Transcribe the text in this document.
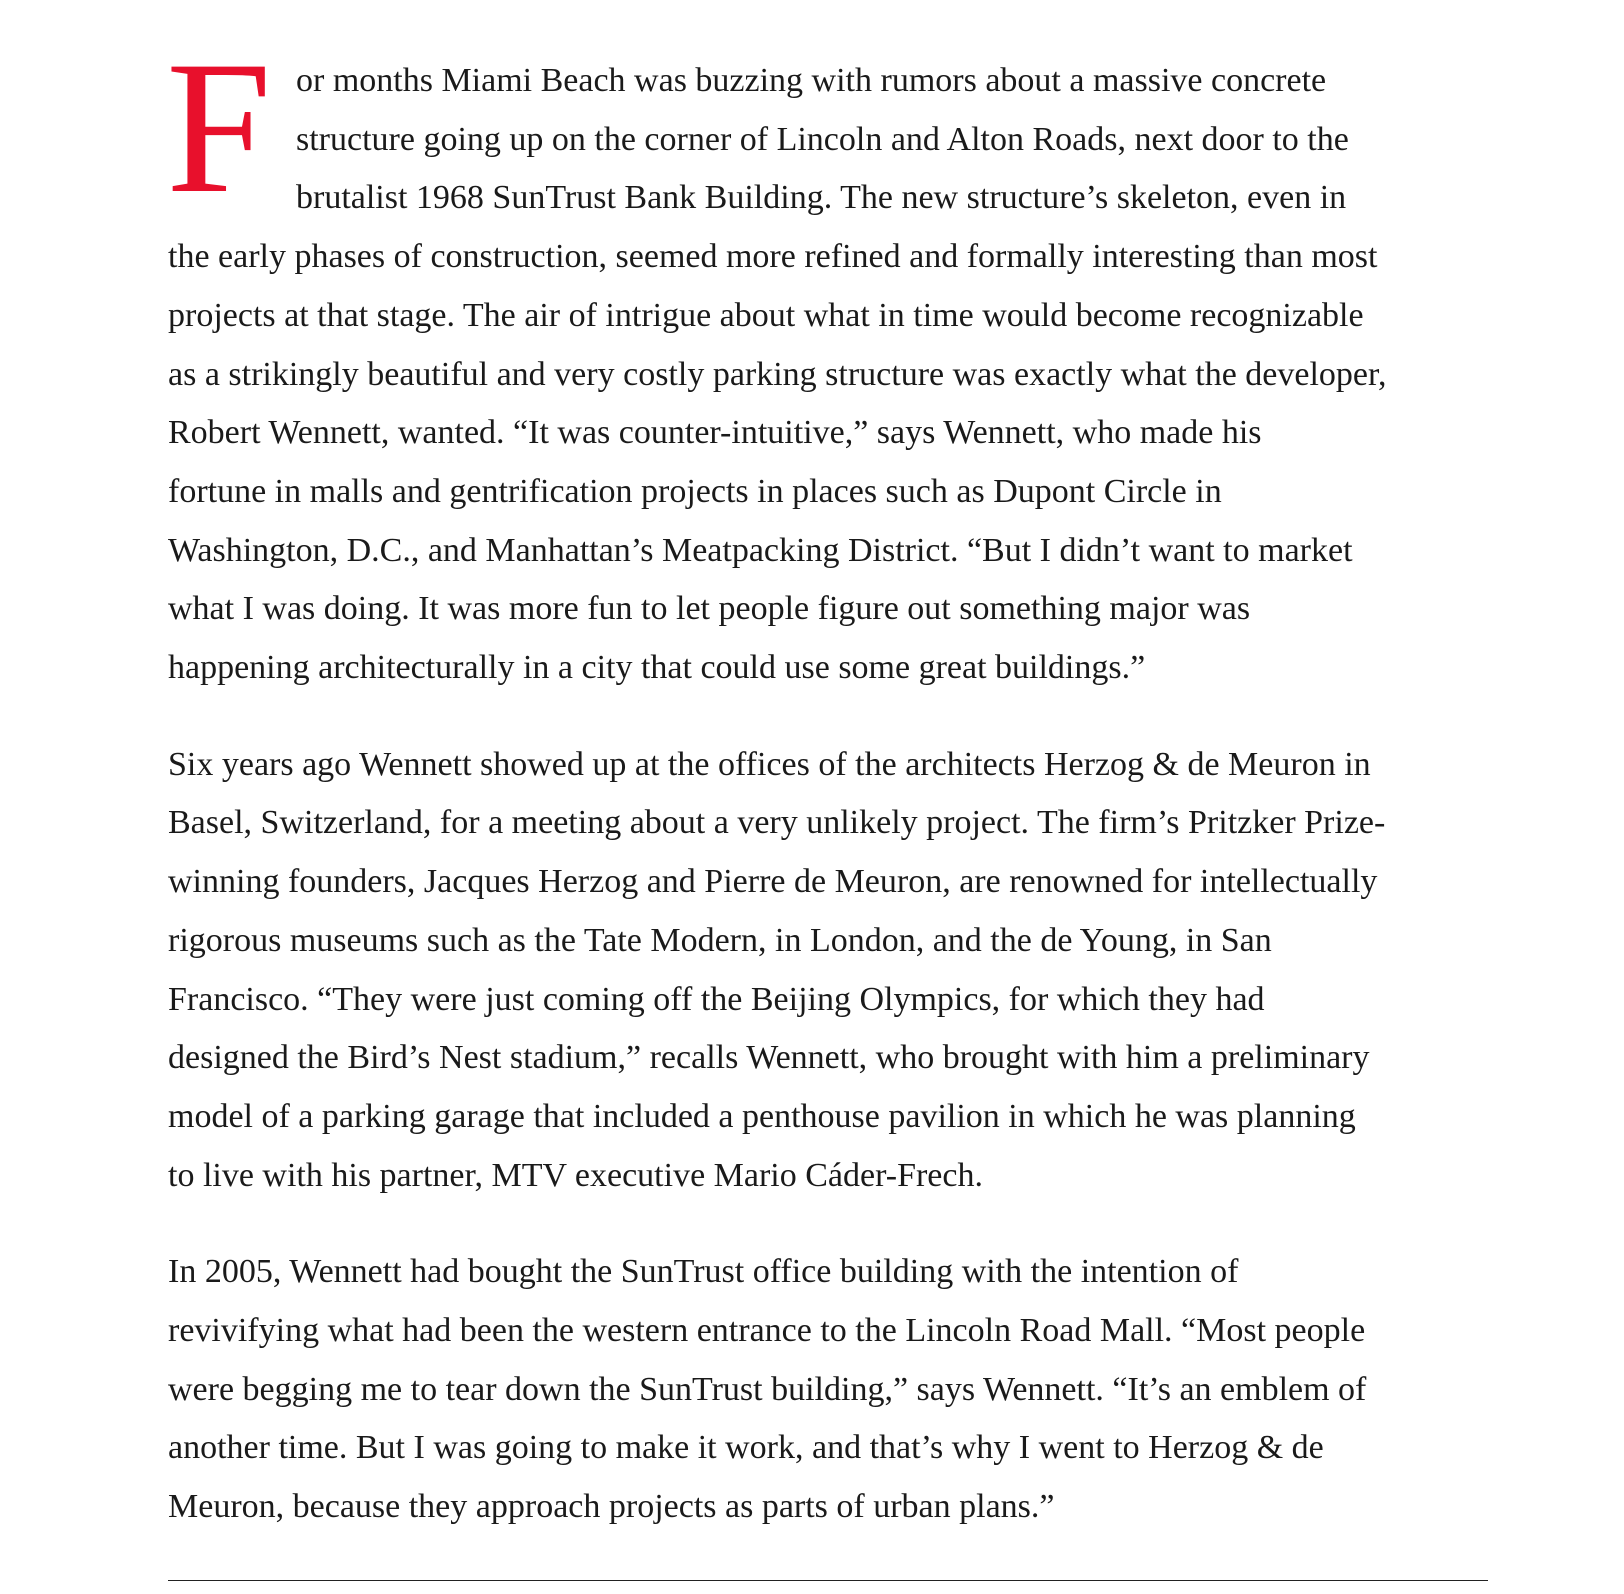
F or months Miami Beach was buzzing with rumors about a massive concrete
structure going up on the corner of Lincoln and Alton Roads, next door to the
brutalist 1968 SunTrust Bank Building. The new structure’s skeleton, even in
the early phases of construction, seemed more refined and formally interesting than most
projects at that stage. The air of intrigue about what in time would become recognizable
as a strikingly beautiful and very costly parking structure was exactly what the developer,
Robert Wennett, wanted. “It was counter-intuitive,” says Wennett, who made his
fortune in malls and gentrification projects in places such as Dupont Circle in
Washington, D.C., and Manhattan’s Meatpacking District. “But I didn’t want to market
what I was doing. It was more fun to let people figure out something major was
happening architecturally in a city that could use some great buildings.”

Six years ago Wennett showed up at the offices of the architects Herzog & de Meuron in
Basel, Switzerland, for a meeting about a very unlikely project. The firm’s Pritzker Prize-
winning founders, Jacques Herzog and Pierre de Meuron, are renowned for intellectually
rigorous museums such as the Tate Modern, in London, and the de Young, in San
Francisco. “They were just coming off the Beijing Olympics, for which they had
designed the Bird’s Nest stadium,” recalls Wennett, who brought with him a preliminary
model of a parking garage that included a penthouse pavilion in which he was planning
to live with his partner, MTV executive Mario Cáder-Frech.

In 2005, Wennett had bought the SunTrust office building with the intention of
revivifying what had been the western entrance to the Lincoln Road Mall. “Most people
were begging me to tear down the SunTrust building,” says Wennett. “It’s an emblem of
another time. But I was going to make it work, and that’s why I went to Herzog & de
Meuron, because they approach projects as parts of urban plans.”
